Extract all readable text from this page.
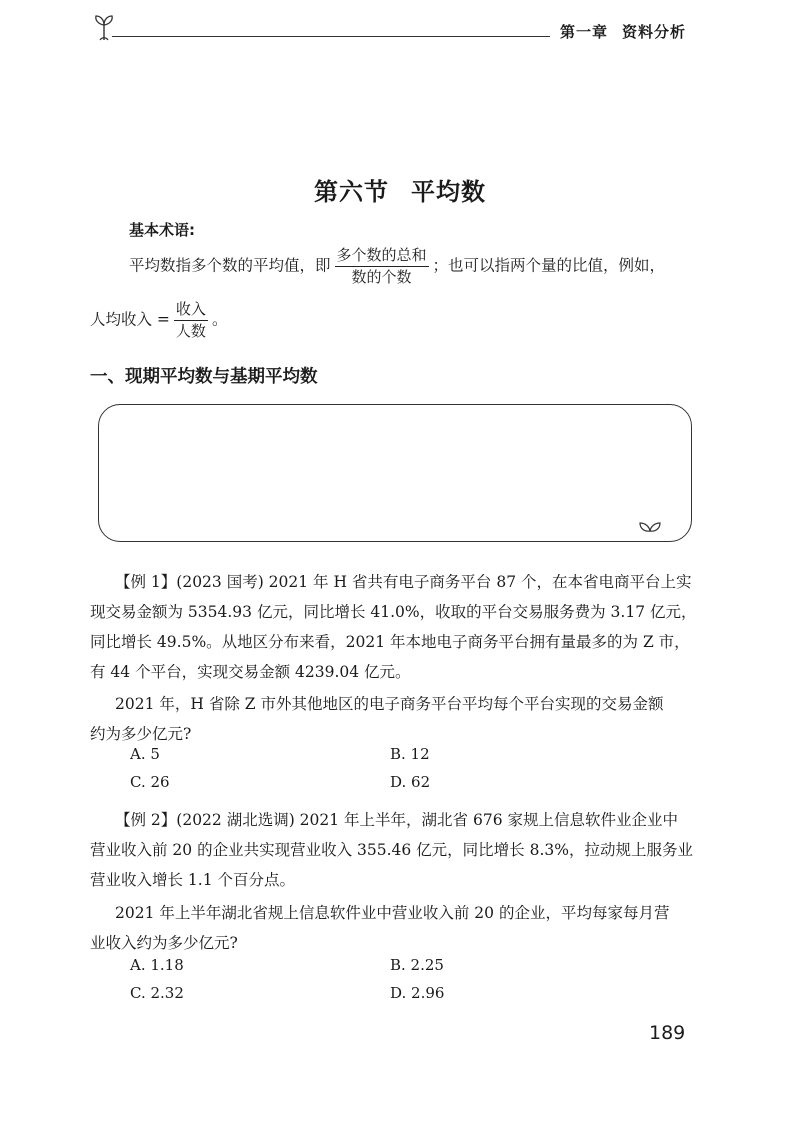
第一章 资料分析
第六节 平均数
基本术语:
平均数指多个数的平均值，即 $\frac{\text{多个数的总和}}{\text{数的个数}}$ ；也可以指两个量的比值，例如，
人均收入 = $\frac{\text{收入}}{\text{人数}}$ 。
一、现期平均数与基期平均数
【例 1】(2023 国考) 2021 年 H 省共有电子商务平台 87 个，在本省电商平台上实
现交易金额为 5354.93 亿元，同比增长 41.0%，收取的平台交易服务费为 3.17 亿元，
同比增长 49.5%。从地区分布来看，2021 年本地电子商务平台拥有量最多的为 Z 市，
有 44 个平台，实现交易金额 4239.04 亿元。
2021 年，H 省除 Z 市外其他地区的电子商务平台平均每个平台实现的交易金额
约为多少亿元?
A. 5	B. 12
C. 26	D. 62
【例 2】(2022 湖北选调) 2021 年上半年，湖北省 676 家规上信息软件业企业中
营业收入前 20 的企业共实现营业收入 355.46 亿元，同比增长 8.3%，拉动规上服务业
营业收入增长 1.1 个百分点。
2021 年上半年湖北省规上信息软件业中营业收入前 20 的企业，平均每家每月营
业收入约为多少亿元?
A. 1.18	B. 2.25
C. 2.32	D. 2.96
189
